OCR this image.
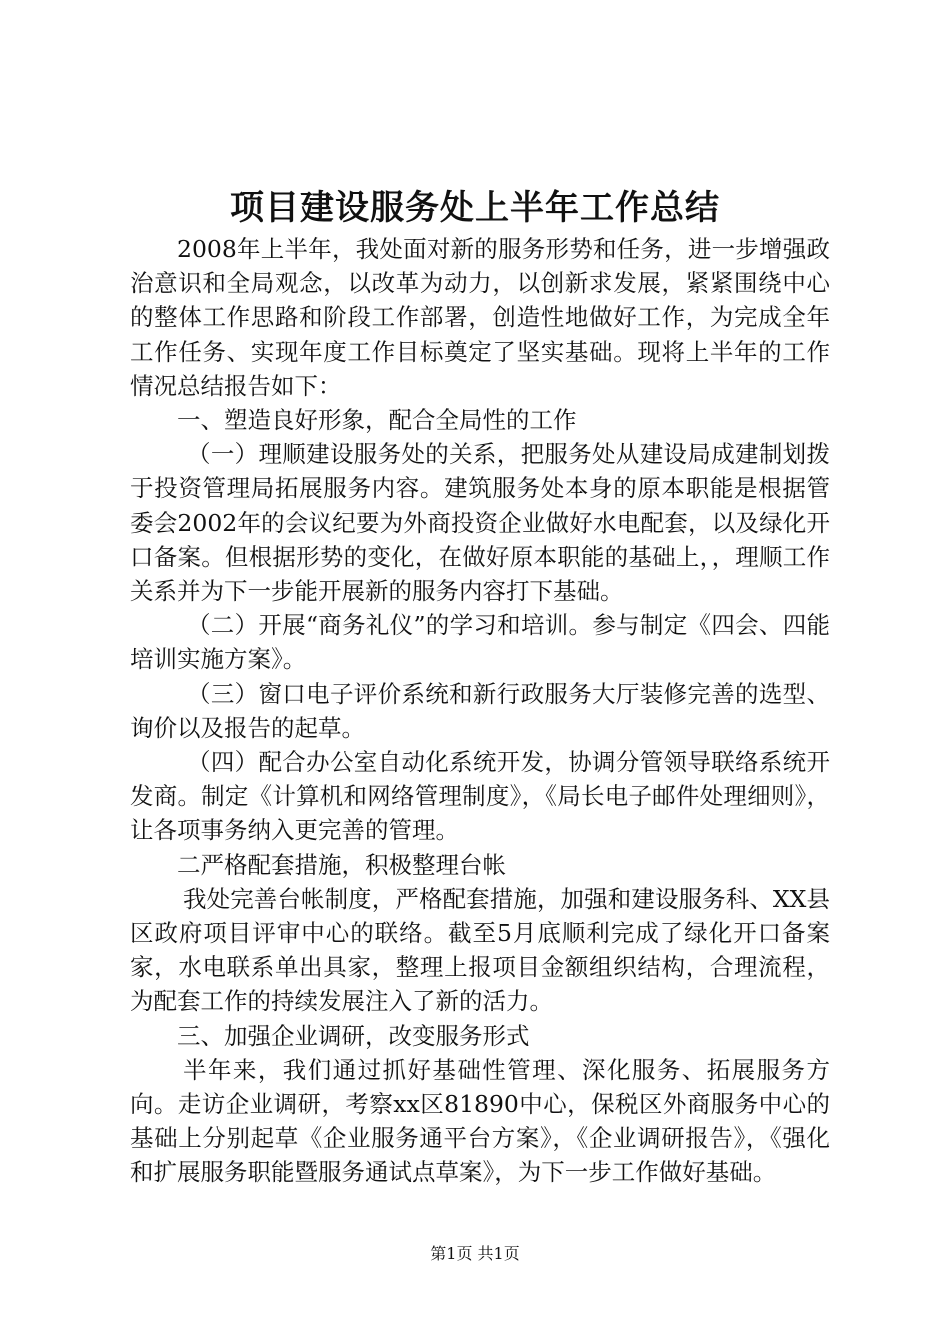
项目建设服务处上半年工作总结

2008年上半年，我处面对新的服务形势和任务，进一步增强政治意识和全局观念，以改革为动力，以创新求发展，紧紧围绕中心的整体工作思路和阶段工作部署，创造性地做好工作，为完成全年工作任务、实现年度工作目标奠定了坚实基础。现将上半年的工作情况总结报告如下：

一、塑造良好形象，配合全局性的工作

（一）理顺建设服务处的关系，把服务处从建设局成建制划拨于投资管理局拓展服务内容。建筑服务处本身的原本职能是根据管委会2002年的会议纪要为外商投资企业做好水电配套，以及绿化开口备案。但根据形势的变化，在做好原本职能的基础上，，理顺工作关系并为下一步能开展新的服务内容打下基础。

（二）开展“商务礼仪”的学习和培训。参与制定《四会、四能培训实施方案》。

（三）窗口电子评价系统和新行政服务大厅装修完善的选型、询价以及报告的起草。

（四）配合办公室自动化系统开发，协调分管领导联络系统开发商。制定《计算机和网络管理制度》，《局长电子邮件处理细则》，让各项事务纳入更完善的管理。

二严格配套措施，积极整理台帐

我处完善台帐制度，严格配套措施，加强和建设服务科、XX县区政府项目评审中心的联络。截至5月底顺利完成了绿化开口备案家，水电联系单出具家，整理上报项目金额组织结构，合理流程，为配套工作的持续发展注入了新的活力。

三、加强企业调研，改变服务形式

半年来，我们通过抓好基础性管理、深化服务、拓展服务方向。走访企业调研，考察xx区81890中心，保税区外商服务中心的基础上分别起草《企业服务通平台方案》，《企业调研报告》，《强化和扩展服务职能暨服务通试点草案》，为下一步工作做好基础。

第1页 共1页
